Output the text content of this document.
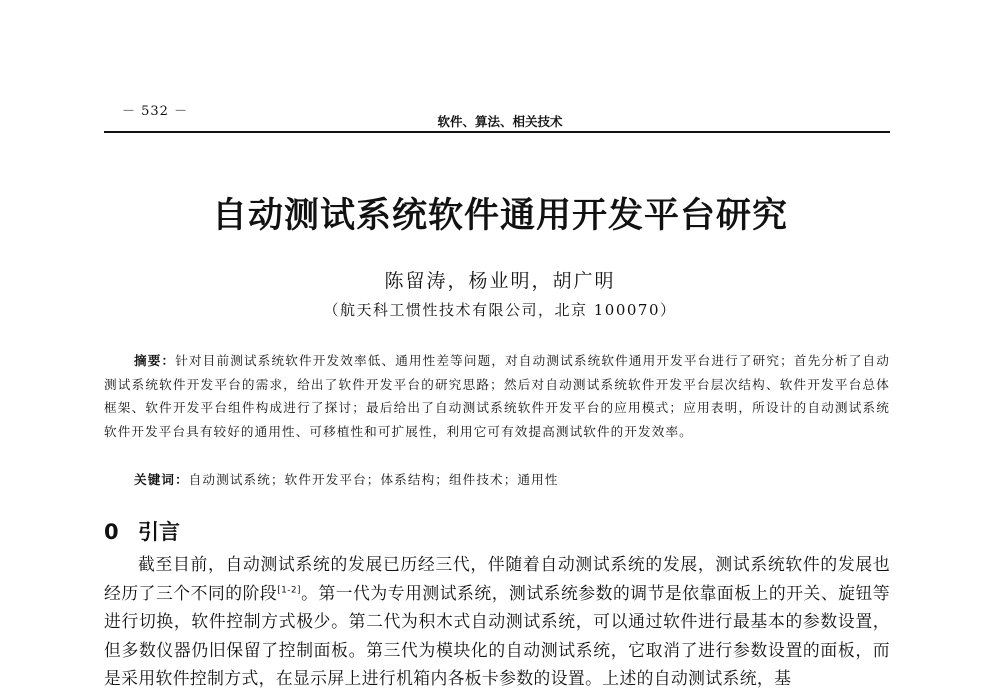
－ 532 －
软件、算法、相关技术
自动测试系统软件通用开发平台研究
陈留涛，杨业明，胡广明
（航天科工惯性技术有限公司，北京 100070）

摘要：针对目前测试系统软件开发效率低、通用性差等问题，对自动测试系统软件通用开发平台进行了研究；首先分析了自动测试系统软件开发平台的需求，给出了软件开发平台的研究思路；然后对自动测试系统软件开发平台层次结构、软件开发平台总体框架、软件开发平台组件构成进行了探讨；最后给出了自动测试系统软件开发平台的应用模式；应用表明，所设计的自动测试系统软件开发平台具有较好的通用性、可移植性和可扩展性，利用它可有效提高测试软件的开发效率。

关键词：自动测试系统；软件开发平台；体系结构；组件技术；通用性

0 引言

截至目前，自动测试系统的发展已历经三代，伴随着自动测试系统的发展，测试系统软件的发展也经历了三个不同的阶段[1-2]。第一代为专用测试系统，测试系统参数的调节是依靠面板上的开关、旋钮等进行切换，软件控制方式极少。第二代为积木式自动测试系统，可以通过软件进行最基本的参数设置，但多数仪器仍旧保留了控制面板。第三代为模块化的自动测试系统，它取消了进行参数设置的面板，而是采用软件控制方式，在显示屏上进行机箱内各板卡参数的设置。上述的自动测试系统，基
